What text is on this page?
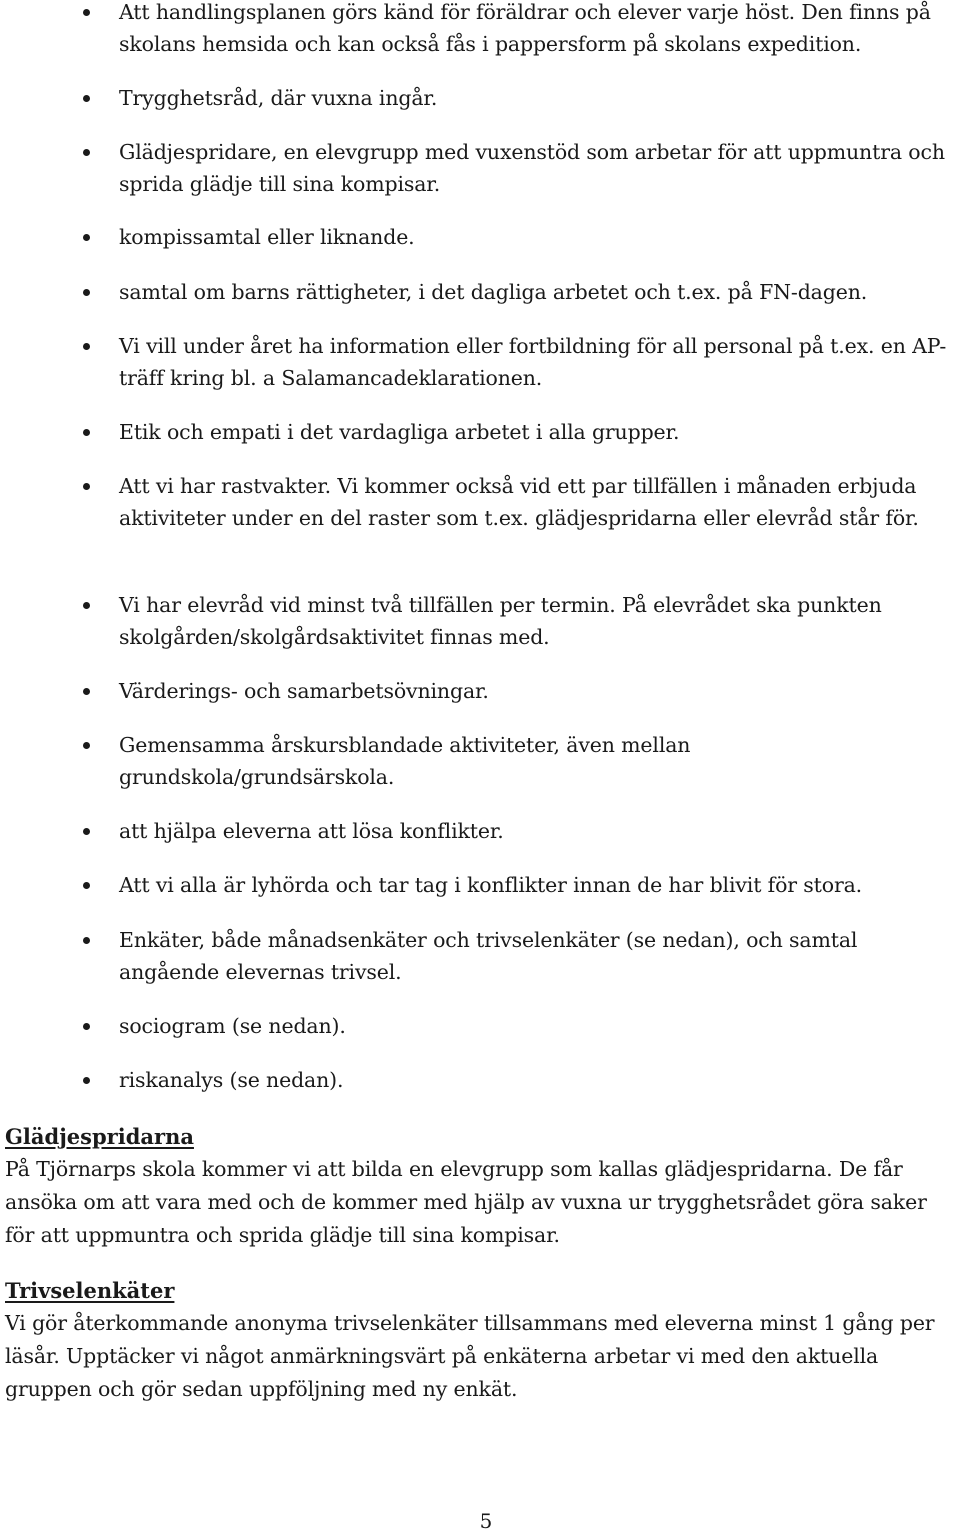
Att handlingsplanen görs känd för föräldrar och elever varje höst. Den finns på skolans hemsida och kan också fås i pappersform på skolans expedition.
Trygghetsråd, där vuxna ingår.
Glädjespridare, en elevgrupp med vuxenstöd som arbetar för att uppmuntra och sprida glädje till sina kompisar.
kompissamtal eller liknande.
samtal om barns rättigheter, i det dagliga arbetet och t.ex. på FN-dagen.
Vi vill under året ha information eller fortbildning för all personal på t.ex. en AP-träff kring bl. a Salamancadeklarationen.
Etik och empati i det vardagliga arbetet i alla grupper.
Att vi har rastvakter. Vi kommer också vid ett par tillfällen i månaden erbjuda aktiviteter under en del raster som t.ex. glädjespridarna eller elevråd står för.
Vi har elevråd vid minst två tillfällen per termin. På elevrådet ska punkten skolgården/skolgårdsaktivitet finnas med.
Värderings- och samarbetsövningar.
Gemensamma årskursblandade aktiviteter, även mellan grundskola/grundsärskola.
att hjälpa eleverna att lösa konflikter.
Att vi alla är lyhörda och tar tag i konflikter innan de har blivit för stora.
Enkäter, både månadsenkäter och trivselenkäter (se nedan), och samtal angående elevernas trivsel.
sociogram (se nedan).
riskanalys (se nedan).
Glädjespridarna

På Tjörnarps skola kommer vi att bilda en elevgrupp som kallas glädjespridarna. De får ansöka om att vara med och de kommer med hjälp av vuxna ur trygghetsrådet göra saker för att uppmuntra och sprida glädje till sina kompisar.

Trivselenkäter

Vi gör återkommande anonyma trivselenkäter tillsammans med eleverna minst 1 gång per läsår. Upptäcker vi något anmärkningsvärt på enkäterna arbetar vi med den aktuella gruppen och gör sedan uppföljning med ny enkät.

5
